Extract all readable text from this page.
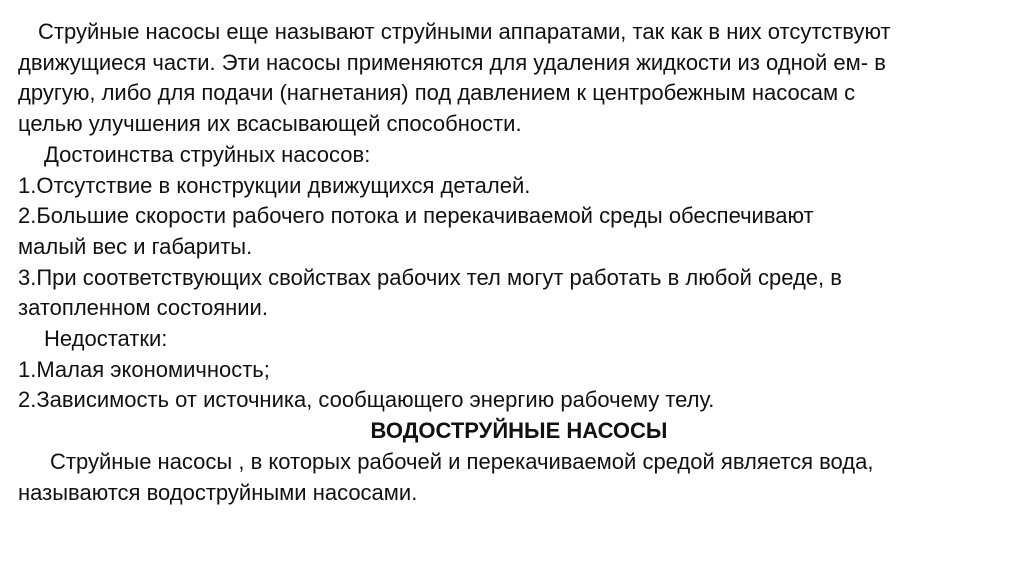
Струйные насосы еще называют струйными аппаратами, так как в них отсутствуют
движущиеся части. Эти насосы применяются для удаления жидкости из одной ем- в
другую, либо для подачи (нагнетания) под давлением к центробежным насосам с
целью улучшения их всасывающей способности.
Достоинства струйных насосов:
1.Отсутствие в конструкции движущихся деталей.
2.Большие скорости рабочего потока и перекачиваемой среды обеспечивают
малый вес и габариты.
3.При соответствующих свойствах рабочих тел могут работать в любой среде, в
затопленном состоянии.
Недостатки:
1.Малая экономичность;
2.Зависимость от источника, сообщающего энергию рабочему телу.
ВОДОСТРУЙНЫЕ НАСОСЫ
Струйные насосы , в которых рабочей и перекачиваемой средой является вода,
называются водоструйными насосами.
